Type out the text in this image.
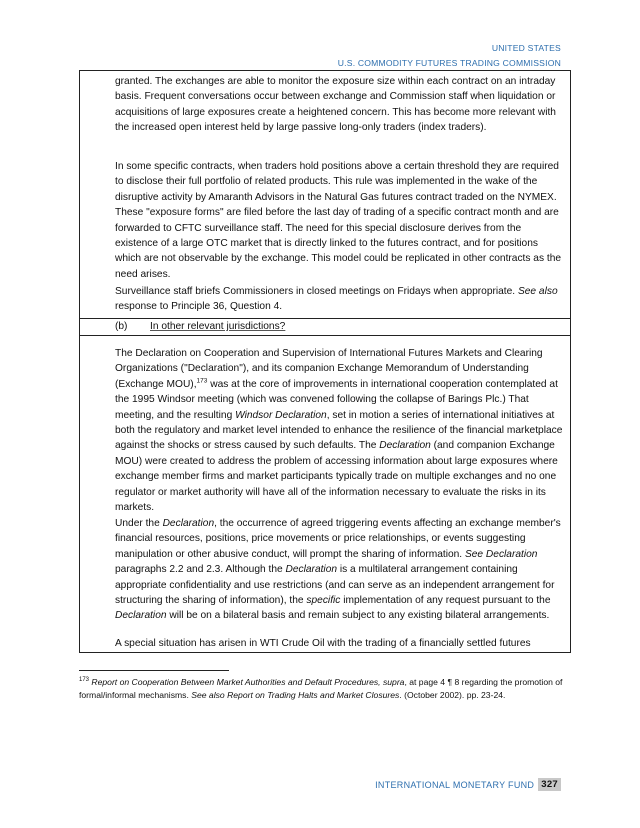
UNITED STATES
U.S. COMMODITY FUTURES TRADING COMMISSION

granted. The exchanges are able to monitor the exposure size within each contract on an intraday basis. Frequent conversations occur between exchange and Commission staff when liquidation or acquisitions of large exposures create a heightened concern. This has become more relevant with the increased open interest held by large passive long-only traders (index traders).

In some specific contracts, when traders hold positions above a certain threshold they are required to disclose their full portfolio of related products. This rule was implemented in the wake of the disruptive activity by Amaranth Advisors in the Natural Gas futures contract traded on the NYMEX. These "exposure forms" are filed before the last day of trading of a specific contract month and are forwarded to CFTC surveillance staff. The need for this special disclosure derives from the existence of a large OTC market that is directly linked to the futures contract, and for positions which are not observable by the exchange. This model could be replicated in other contracts as the need arises.

Surveillance staff briefs Commissioners in closed meetings on Fridays when appropriate. See also response to Principle 36, Question 4.

(b) In other relevant jurisdictions?

The Declaration on Cooperation and Supervision of International Futures Markets and Clearing Organizations ("Declaration"), and its companion Exchange Memorandum of Understanding (Exchange MOU),$^{173}$ was at the core of improvements in international cooperation contemplated at the 1995 Windsor meeting (which was convened following the collapse of Barings Plc.) That meeting, and the resulting Windsor Declaration, set in motion a series of international initiatives at both the regulatory and market level intended to enhance the resilience of the financial marketplace against the shocks or stress caused by such defaults. The Declaration (and companion Exchange MOU) were created to address the problem of accessing information about large exposures where exchange member firms and market participants typically trade on multiple exchanges and no one regulator or market authority will have all of the information necessary to evaluate the risks in its markets.

Under the Declaration, the occurrence of agreed triggering events affecting an exchange member's financial resources, positions, price movements or price relationships, or events suggesting manipulation or other abusive conduct, will prompt the sharing of information. See Declaration paragraphs 2.2 and 2.3. Although the Declaration is a multilateral arrangement containing appropriate confidentiality and use restrictions (and can serve as an independent arrangement for structuring the sharing of information), the specific implementation of any request pursuant to the Declaration will be on a bilateral basis and remain subject to any existing bilateral arrangements.

A special situation has arisen in WTI Crude Oil with the trading of a financially settled futures

$^{173}$ Report on Cooperation Between Market Authorities and Default Procedures, supra, at page 4 ¶ 8 regarding the promotion of formal/informal mechanisms. See also Report on Trading Halts and Market Closures. (October 2002). pp. 23-24.

INTERNATIONAL MONETARY FUND 327
